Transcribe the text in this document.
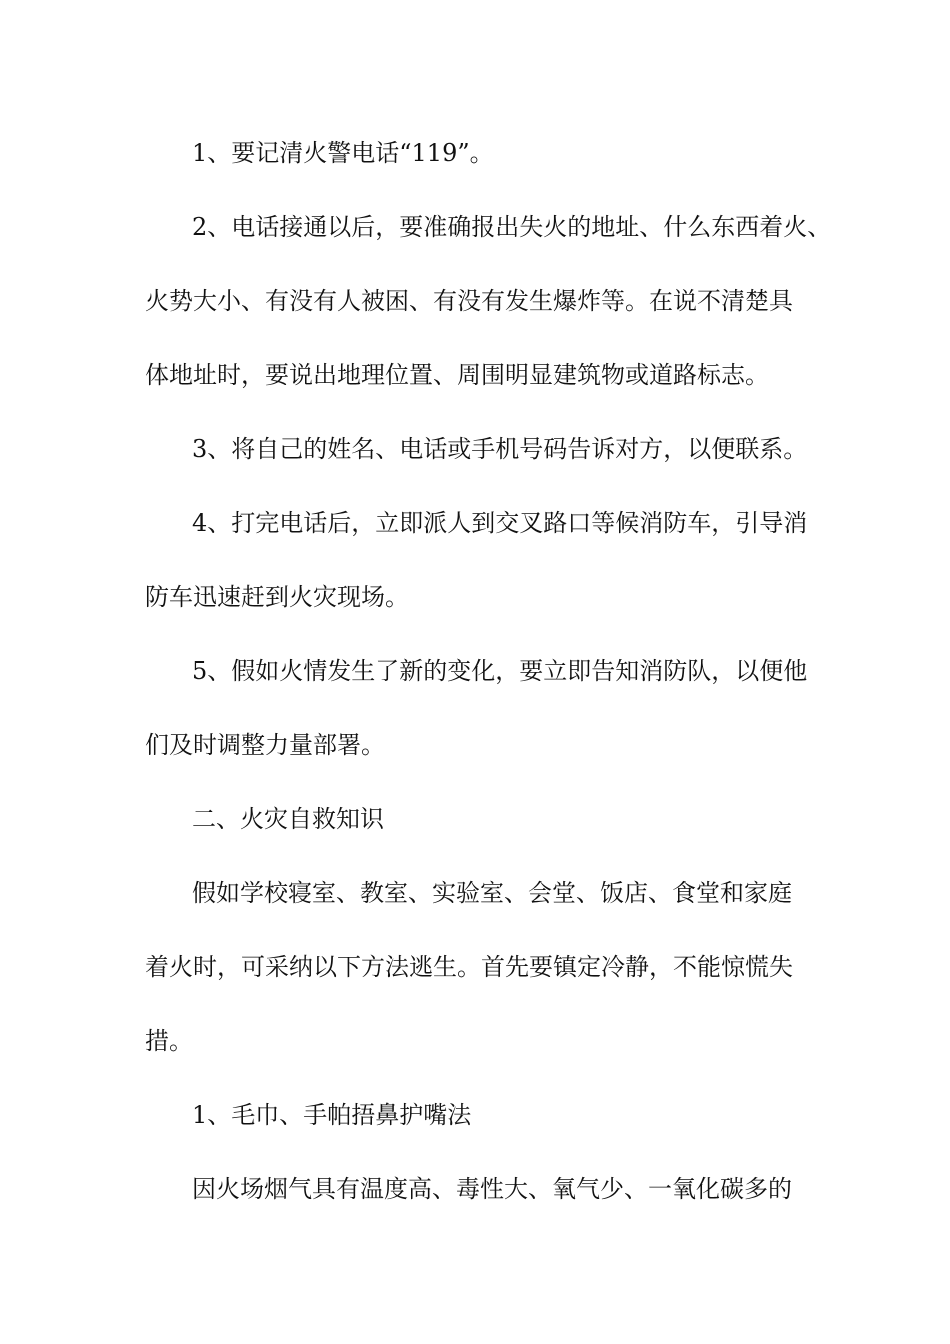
1、要记清火警电话“119”。

2、电话接通以后，要准确报出失火的地址、什么东西着火、

火势大小、有没有人被困、有没有发生爆炸等。在说不清楚具

体地址时，要说出地理位置、周围明显建筑物或道路标志。

3、将自己的姓名、电话或手机号码告诉对方，以便联系。

4、打完电话后，立即派人到交叉路口等候消防车，引导消

防车迅速赶到火灾现场。

5、假如火情发生了新的变化，要立即告知消防队，以便他

们及时调整力量部署。

二、火灾自救知识

假如学校寝室、教室、实验室、会堂、饭店、食堂和家庭

着火时，可采纳以下方法逃生。首先要镇定冷静，不能惊慌失

措。

1、毛巾、手帕捂鼻护嘴法

因火场烟气具有温度高、毒性大、氧气少、一氧化碳多的
